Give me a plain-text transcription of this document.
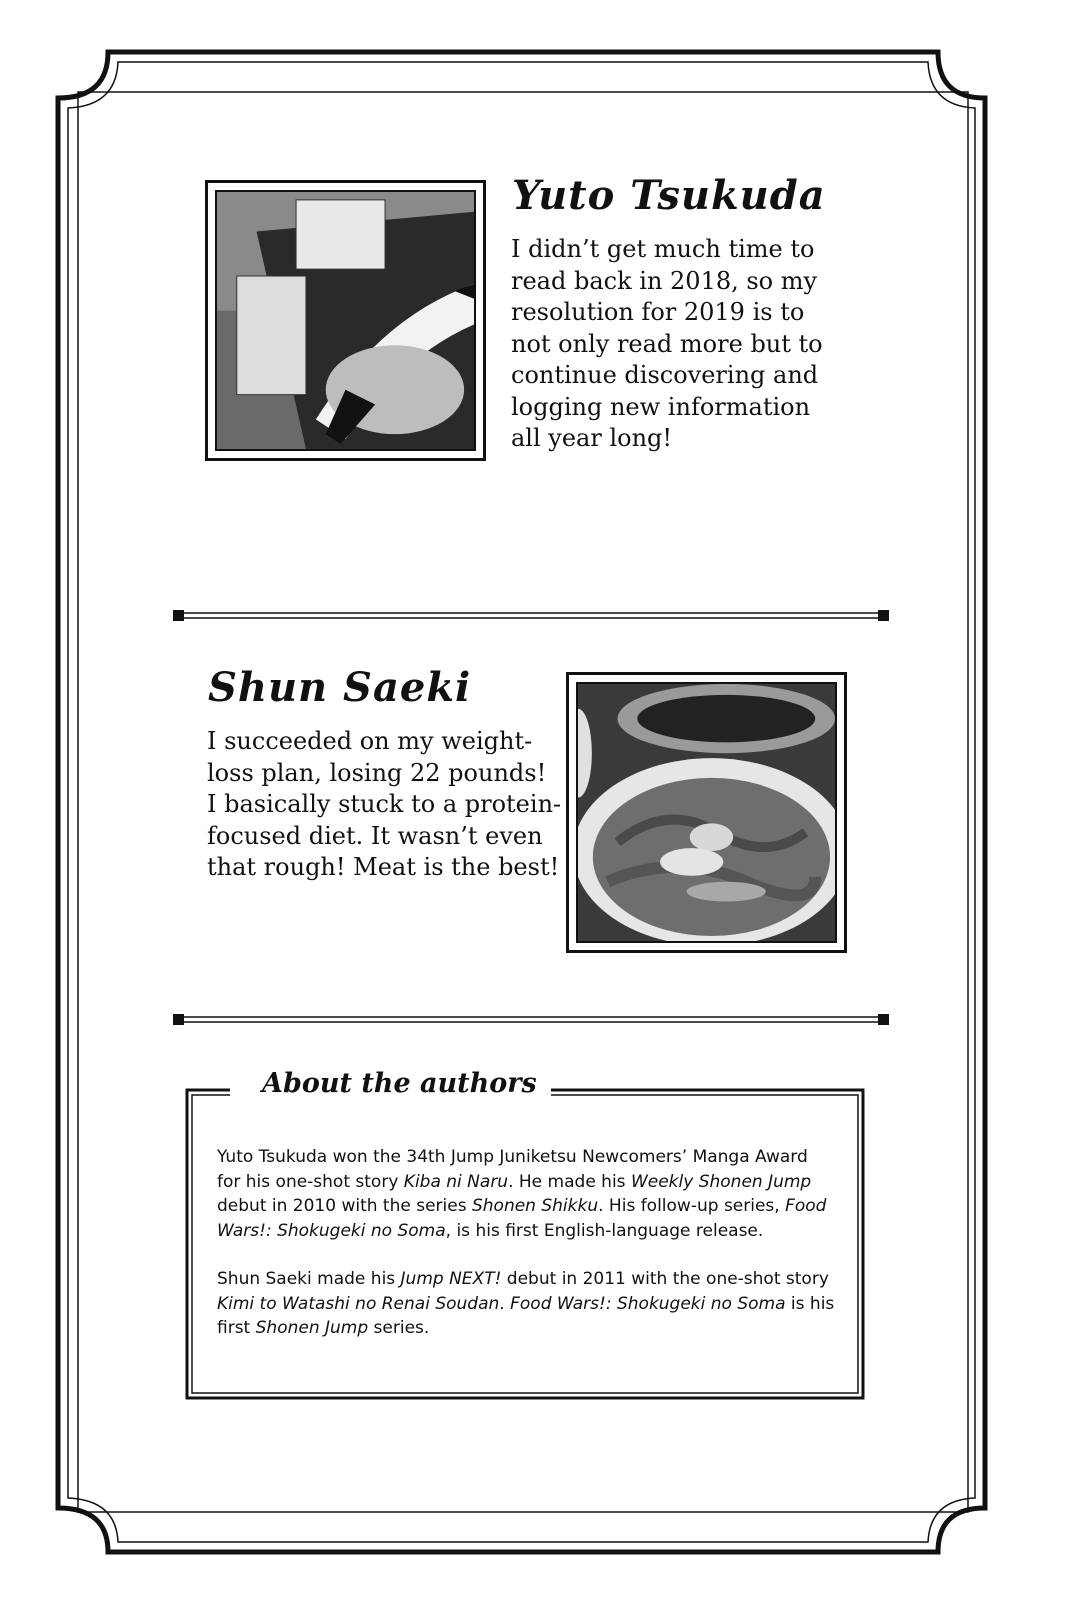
Yuto Tsukuda
I didn’t get much time to
read back in 2018, so my
resolution for 2019 is to
not only read more but to
continue discovering and
logging new information
all year long!
Shun Saeki
I succeeded on my weight-
loss plan, losing 22 pounds!
I basically stuck to a protein-
focused diet. It wasn’t even
that rough! Meat is the best!
About the authors

Yuto Tsukuda won the 34th Jump Juniketsu Newcomers’ Manga Award
for his one-shot story Kiba ni Naru. He made his Weekly Shonen Jump
debut in 2010 with the series Shonen Shikku. His follow-up series, Food
Wars!: Shokugeki no Soma, is his first English-language release.

Shun Saeki made his Jump NEXT! debut in 2011 with the one-shot story
Kimi to Watashi no Renai Soudan. Food Wars!: Shokugeki no Soma is his
first Shonen Jump series.
